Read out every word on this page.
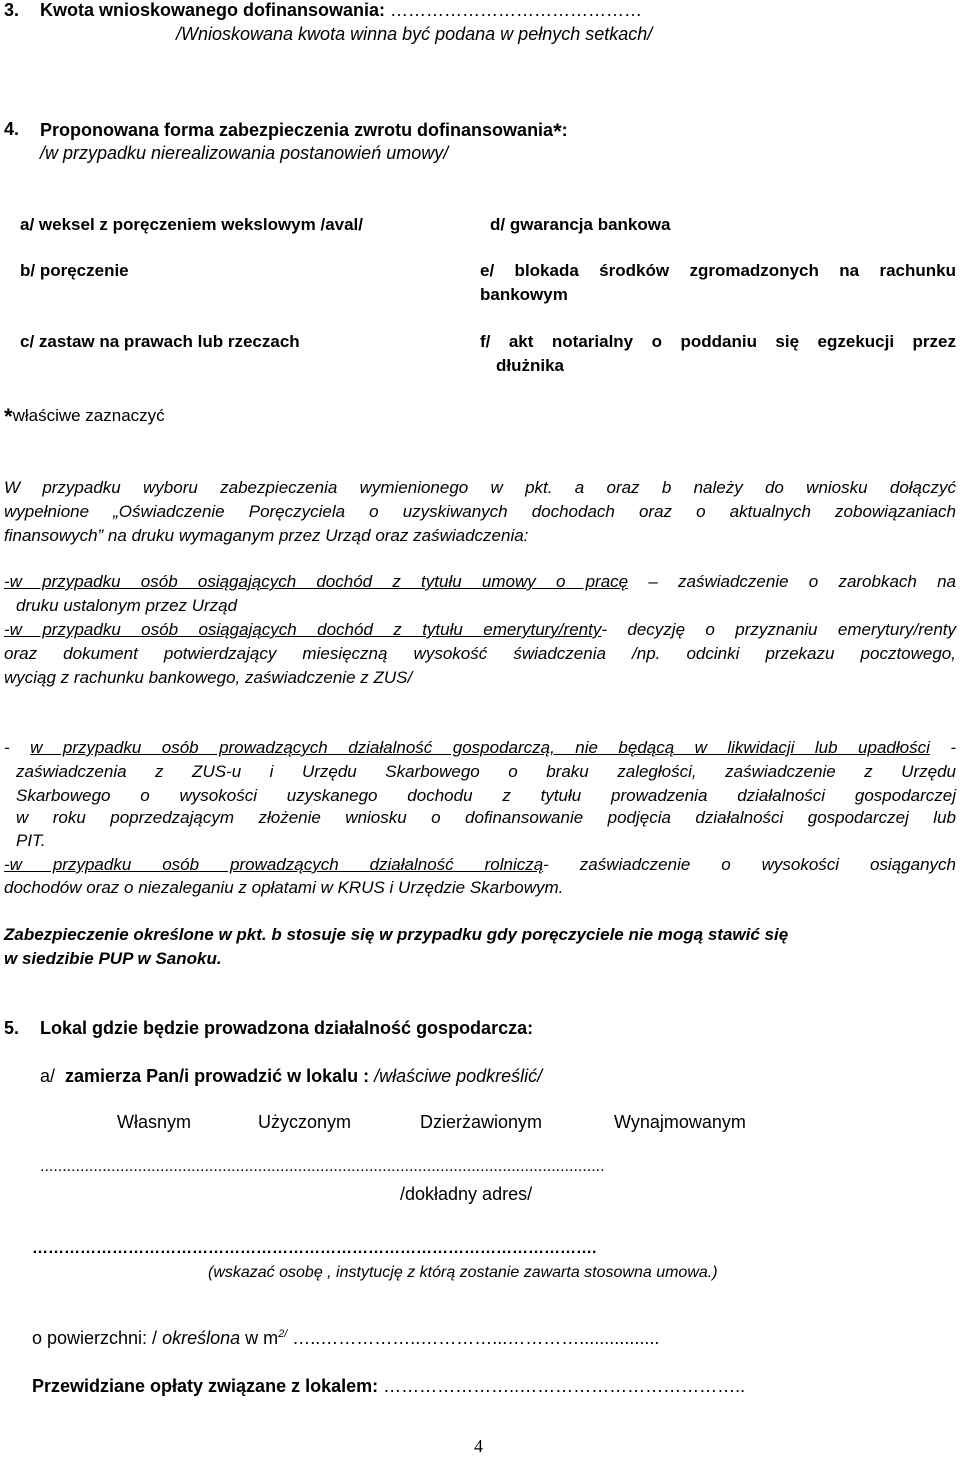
3. Kwota wnioskowanego dofinansowania: ……………………………………
/Wnioskowana kwota winna być podana w pełnych setkach/
4. Proponowana forma zabezpieczenia zwrotu dofinansowania*:
/w przypadku nierealizowania postanowień umowy/
a/ weksel z poręczeniem wekslowym /aval/
b/ poręczenie
c/ zastaw na prawach lub rzeczach
d/ gwarancja bankowa
e/ blokada środków zgromadzonych na rachunku
bankowym
f/ akt notarialny o poddaniu się egzekucji przez
dłużnika
*właściwe zaznaczyć
W przypadku wyboru zabezpieczenia wymienionego w pkt. a oraz b należy do wniosku dołączyć
wypełnione „Oświadczenie Poręczyciela o uzyskiwanych dochodach oraz o aktualnych zobowiązaniach
finansowych” na druku wymaganym przez Urząd oraz zaświadczenia:
-w przypadku osób osiągających dochód z tytułu umowy o pracę – zaświadczenie o zarobkach na
druku ustalonym przez Urząd
-w przypadku osób osiągających dochód z tytułu emerytury/renty- decyzję o przyznaniu emerytury/renty
oraz dokument potwierdzający miesięczną wysokość świadczenia /np. odcinki przekazu pocztowego,
wyciąg z rachunku bankowego, zaświadczenie z ZUS/
- w przypadku osób prowadzących działalność gospodarczą, nie będącą w likwidacji lub upadłości -
zaświadczenia z ZUS-u i Urzędu Skarbowego o braku zaległości, zaświadczenie z Urzędu
Skarbowego o wysokości uzyskanego dochodu z tytułu prowadzenia działalności gospodarczej
w roku poprzedzającym złożenie wniosku o dofinansowanie podjęcia działalności gospodarczej lub
PIT.
-w przypadku osób prowadzących działalność rolniczą- zaświadczenie o wysokości osiąganych
dochodów oraz o niezaleganiu z opłatami w KRUS i Urzędzie Skarbowym.
Zabezpieczenie określone w pkt. b stosuje się w przypadku gdy poręczyciele nie mogą stawić się
w siedzibie PUP w Sanoku.
5. Lokal gdzie będzie prowadzona działalność gospodarcza:
a/ zamierza Pan/i prowadzić w lokalu : /właściwe podkreślić/
Własnym	Użyczonym	Dzierżawionym	Wynajmowanym
...............................................................................................................................
/dokładny adres/
…………………………………………………………………………………………….
(wskazać osobę , instytucję z którą zostanie zawarta stosowna umowa.)
o powierzchni: / określona w $m^{2/}$ …..……………..…………...…………................
Przewidziane opłaty związane z lokalem: …………………..………………………………..
4
